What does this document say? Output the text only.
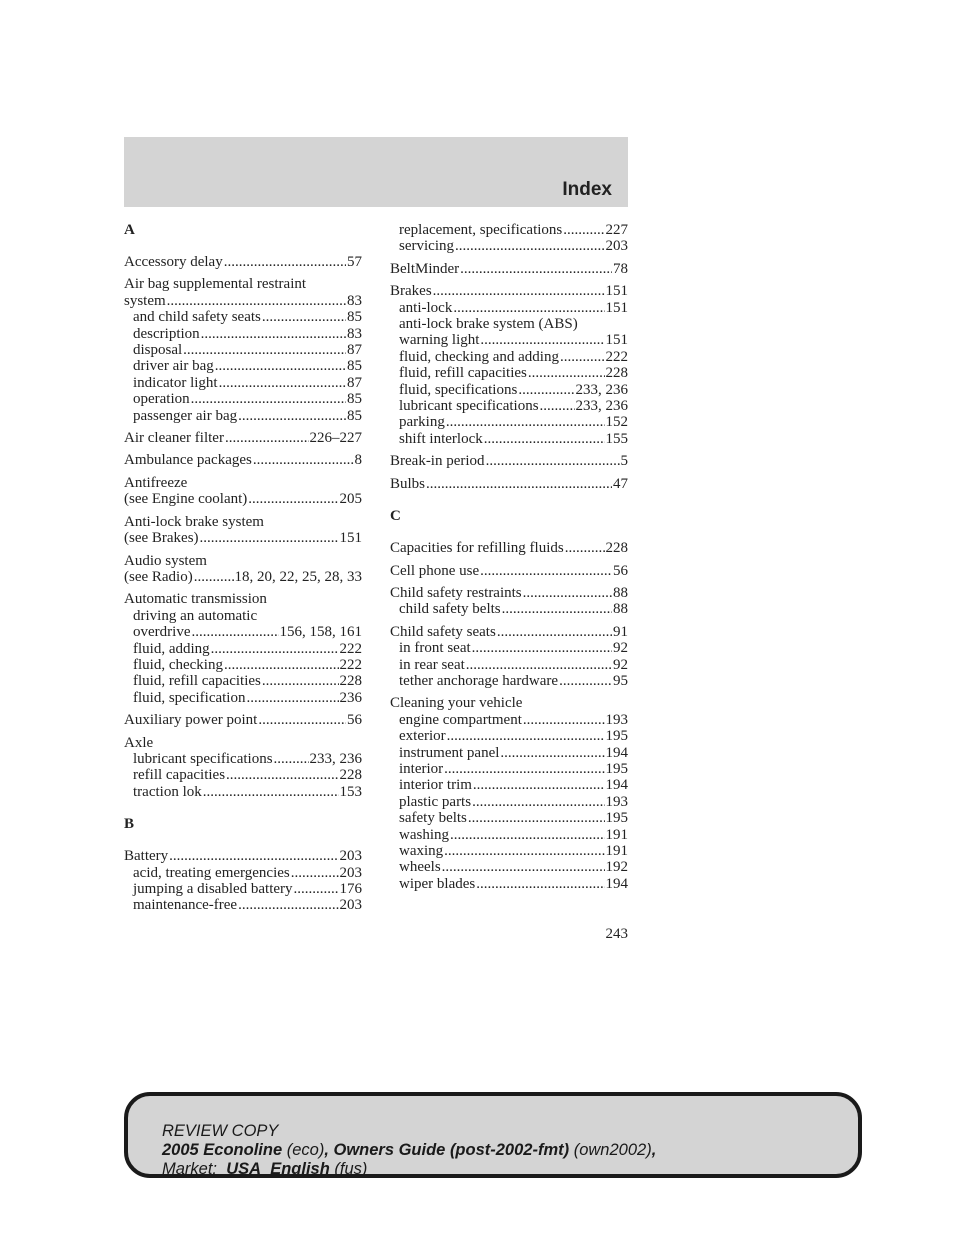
Index
A
Accessory delay .....	57
Air bag supplemental restraint
system .....	83
and child safety seats .....	85
description .....	83
disposal .....	87
driver air bag .....	85
indicator light .....	87
operation .....	85
passenger air bag .....	85
Air cleaner filter .....	226–227
Ambulance packages .....	8
Antifreeze
(see Engine coolant) .....	205
Anti-lock brake system
(see Brakes) .....	151
Audio system
(see Radio) .....	18, 20, 22, 25, 28, 33
Automatic transmission
driving an automatic
overdrive .....	156, 158, 161
fluid, adding .....	222
fluid, checking .....	222
fluid, refill capacities .....	228
fluid, specification .....	236
Auxiliary power point .....	56
Axle
lubricant specifications ..... 233, 236
refill capacities .....	228
traction lok .....	153
B
Battery .....	203
acid, treating emergencies .....	203
jumping a disabled battery .....	176
maintenance-free .....	203
replacement, specifications .....	227
servicing .....	203
BeltMinder .....	78
Brakes .....	151
anti-lock .....	151
anti-lock brake system (ABS)
warning light .....	151
fluid, checking and adding .....	222
fluid, refill capacities .....	228
fluid, specifications .....	233, 236
lubricant specifications ..... 233, 236
parking .....	152
shift interlock .....	155
Break-in period .....	5
Bulbs .....	47
C
Capacities for refilling fluids .....	228
Cell phone use .....	56
Child safety restraints .....	88
child safety belts .....	88
Child safety seats .....	91
in front seat .....	92
in rear seat .....	92
tether anchorage hardware .....	95
Cleaning your vehicle
engine compartment .....	193
exterior .....	195
instrument panel .....	194
interior .....	195
interior trim .....	194
plastic parts .....	193
safety belts .....	195
washing .....	191
waxing .....	191
wheels .....	192
wiper blades .....	194
243
REVIEW COPY
2005 Econoline (eco), Owners Guide (post-2002-fmt) (own2002),
Market: USA_English (fus)
